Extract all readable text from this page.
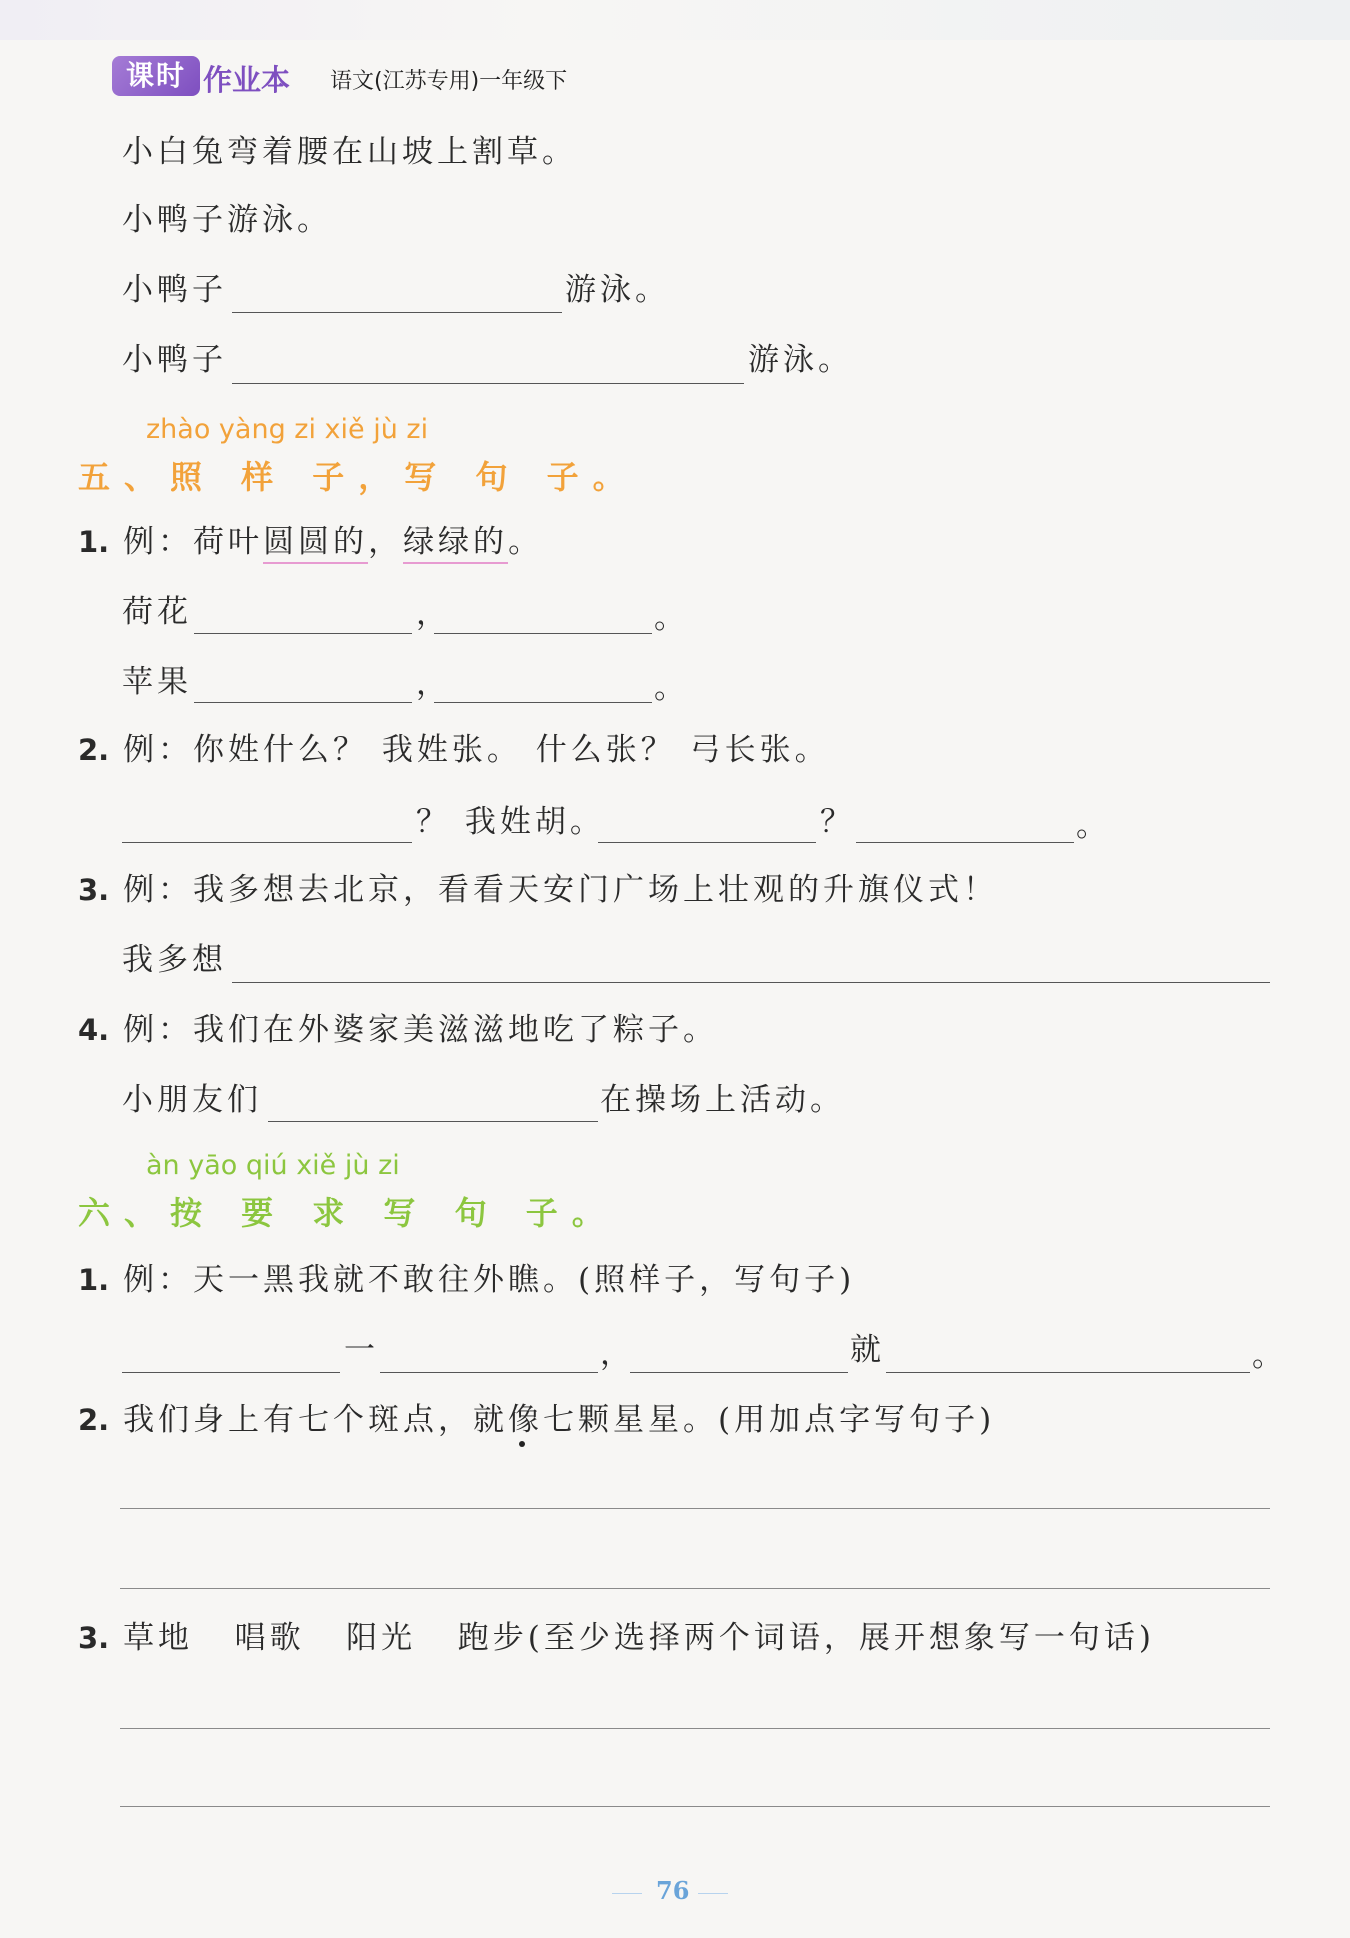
课时 作业本 语文(江苏专用)一年级下
小白兔弯着腰在山坡上割草。
小鸭子游泳。
小鸭子	游泳。
小鸭子	游泳。
zhào yàng zi xiě jù zi
五、照 样 子，写 句 子。
1. 例：荷叶圆圆的，绿绿的。
荷花	，	。
苹果	，	。
2. 例：你姓什么？ 我姓张。 什么张？ 弓长张。
？ 我姓胡。	？	。
3. 例：我多想去北京，看看天安门广场上壮观的升旗仪式！
我多想
4. 例：我们在外婆家美滋滋地吃了粽子。
小朋友们	在操场上活动。
àn yāo qiú xiě jù zi
六、按 要 求 写 句 子。
1. 例：天一黑我就不敢往外瞧。(照样子，写句子)
一	，	就	。
2. 我们身上有七个斑点，就像七颗星星。(用加点字写句子)
3. 草地   唱歌   阳光   跑步(至少选择两个词语，展开想象写一句话)
76
